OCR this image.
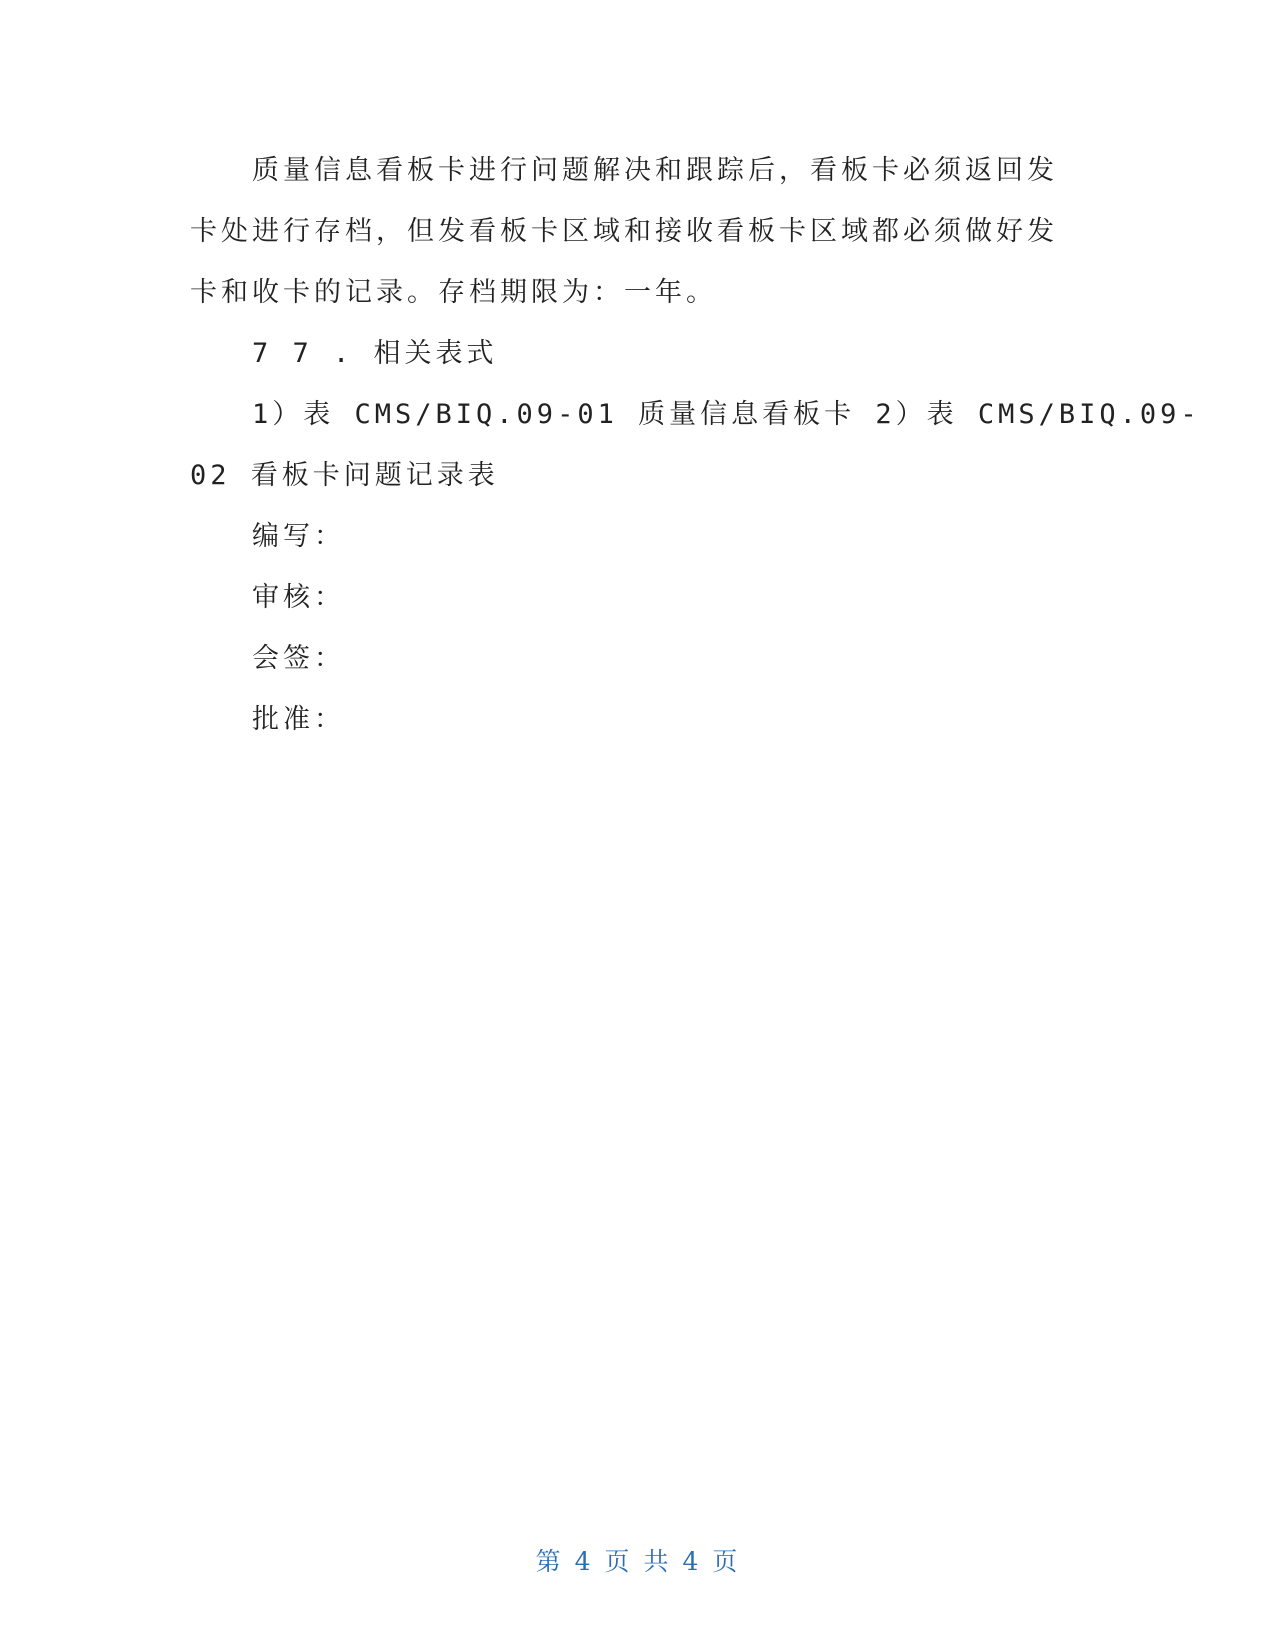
质量信息看板卡进行问题解决和跟踪后，看板卡必须返回发
卡处进行存档，但发看板卡区域和接收看板卡区域都必须做好发
卡和收卡的记录。存档期限为：一年。
7 7 . 相关表式
1）表 CMS/BIQ.09-01 质量信息看板卡 2）表 CMS/BIQ.09-
02 看板卡问题记录表
编写：
审核：
会签：
批准：
第 4 页 共 4 页
